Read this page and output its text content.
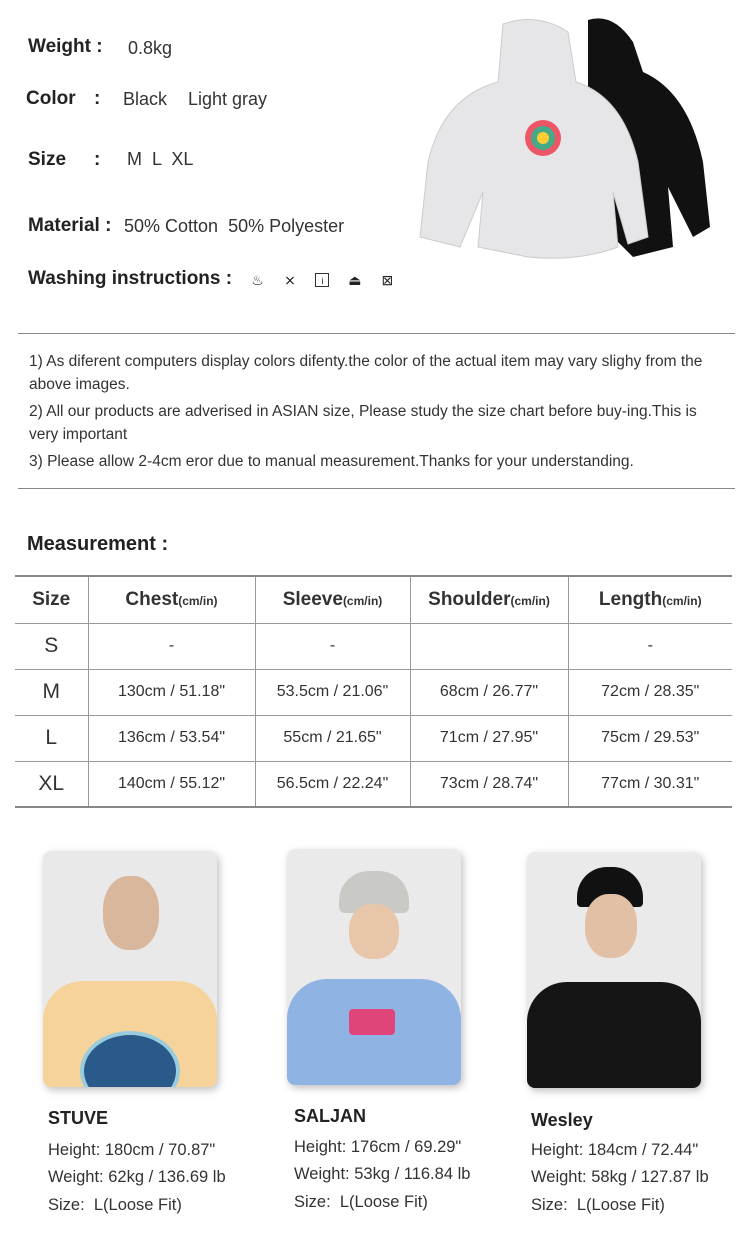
Weight : 0.8kg
Color : Black Light gray
Size : M  L  XL
Material : 50% Cotton  50% Polyester
Washing instructions : ♨ ⨯	i ⏏ ⊠
1) As diferent computers display colors difenty.the color of the actual item may vary slighy from the above images.
2) All our products are adverised in ASIAN size, Please study the size chart before buy-ing.This is very important
3) Please allow 2-4cm eror due to manual measurement.Thanks for your understanding.
Measurement :
Size	Chest(cm/in)	Sleeve(cm/in)	Shoulder(cm/in)	Length(cm/in)
S	-	-		-
M	130cm / 51.18"	53.5cm / 21.06"	68cm / 26.77"	72cm / 28.35"
L	136cm / 53.54"	55cm / 21.65"	71cm / 27.95"	75cm / 29.53"
XL	140cm / 55.12"	56.5cm / 22.24"	73cm / 28.74"	77cm / 30.31"
STUVE
Height: 180cm / 70.87"
Weight: 62kg / 136.69 lb
Size:  L(Loose Fit)
SALJAN
Height: 176cm / 69.29"
Weight: 53kg / 116.84 lb
Size:  L(Loose Fit)
Wesley
Height: 184cm / 72.44"
Weight: 58kg / 127.87 lb
Size:  L(Loose Fit)
